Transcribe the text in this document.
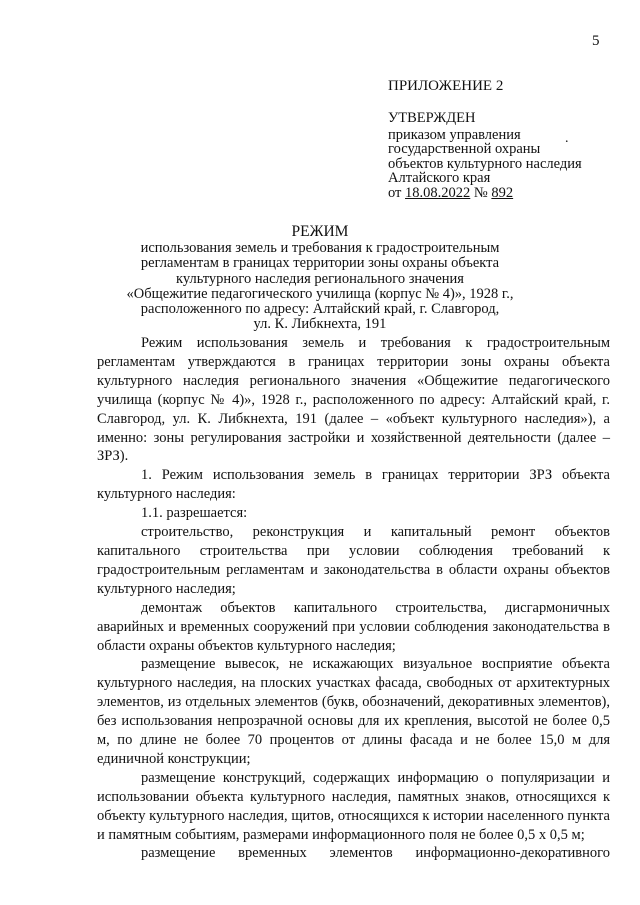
5
ПРИЛОЖЕНИЕ 2
.
УТВЕРЖДЕН
приказом управления
государственной охраны
объектов культурного наследия
Алтайского края
от 18.08.2022 № 892
РЕЖИМ
использования земель и требования к градостроительным
регламентам в границах территории зоны охраны объекта
культурного наследия регионального значения
«Общежитие педагогического училища (корпус № 4)», 1928 г.,
расположенного по адресу: Алтайский край, г. Славгород,
ул. К. Либкнехта, 191

Режим использования земель и требования к градостроительным регламентам утверждаются в границах территории зоны охраны объекта культурного наследия регионального значения «Общежитие педагогического училища (корпус № 4)», 1928 г., расположенного по адресу: Алтайский край, г. Славгород, ул. К. Либкнехта, 191 (далее – «объект культурного наследия»), а именно: зоны регулирования застройки и хозяйственной деятельности (далее –ЗРЗ).

1. Режим использования земель в границах территории ЗРЗ объекта культурного наследия:

1.1. разрешается:

строительство, реконструкция и капитальный ремонт объектов капитального строительства при условии соблюдения требований к градостроительным регламентам и законодательства в области охраны объектов культурного наследия;

демонтаж объектов капитального строительства, дисгармоничных аварийных и временных сооружений при условии соблюдения законодательства в области охраны объектов культурного наследия;

размещение вывесок, не искажающих визуальное восприятие объекта культурного наследия, на плоских участках фасада, свободных от архитектурных элементов, из отдельных элементов (букв, обозначений, декоративных элементов), без использования непрозрачной основы для их крепления, высотой не более 0,5 м, по длине не более 70 процентов от длины фасада и не более 15,0 м для единичной конструкции;

размещение конструкций, содержащих информацию о популяризации и использовании объекта культурного наследия, памятных знаков, относящихся к объекту культурного наследия, щитов, относящихся к истории населенного пункта и памятным событиям, размерами информационного поля не более 0,5 х 0,5 м;

размещение временных элементов информационно-декоративного
